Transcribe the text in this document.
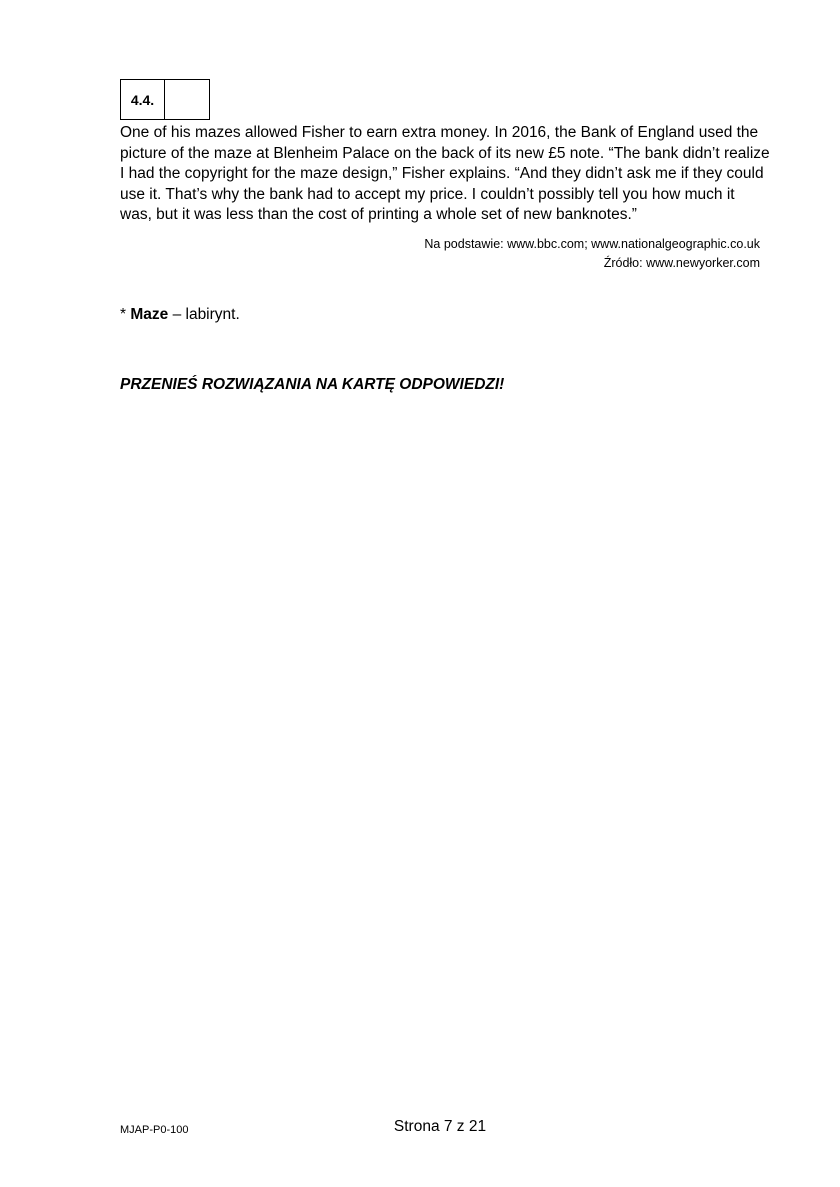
4.4.

One of his mazes allowed Fisher to earn extra money. In 2016, the Bank of England used the picture of the maze at Blenheim Palace on the back of its new £5 note. “The bank didn’t realize I had the copyright for the maze design,” Fisher explains. “And they didn’t ask me if they could use it. That’s why the bank had to accept my price. I couldn’t possibly tell you how much it was, but it was less than the cost of printing a whole set of new banknotes.”

Na podstawie: www.bbc.com; www.nationalgeographic.co.uk
Źródło: www.newyorker.com
* Maze – labirynt.
PRZENIEŚ ROZWIĄZANIA NA KARTĘ ODPOWIEDZI!
MJAP-P0-100	Strona 7 z 21
